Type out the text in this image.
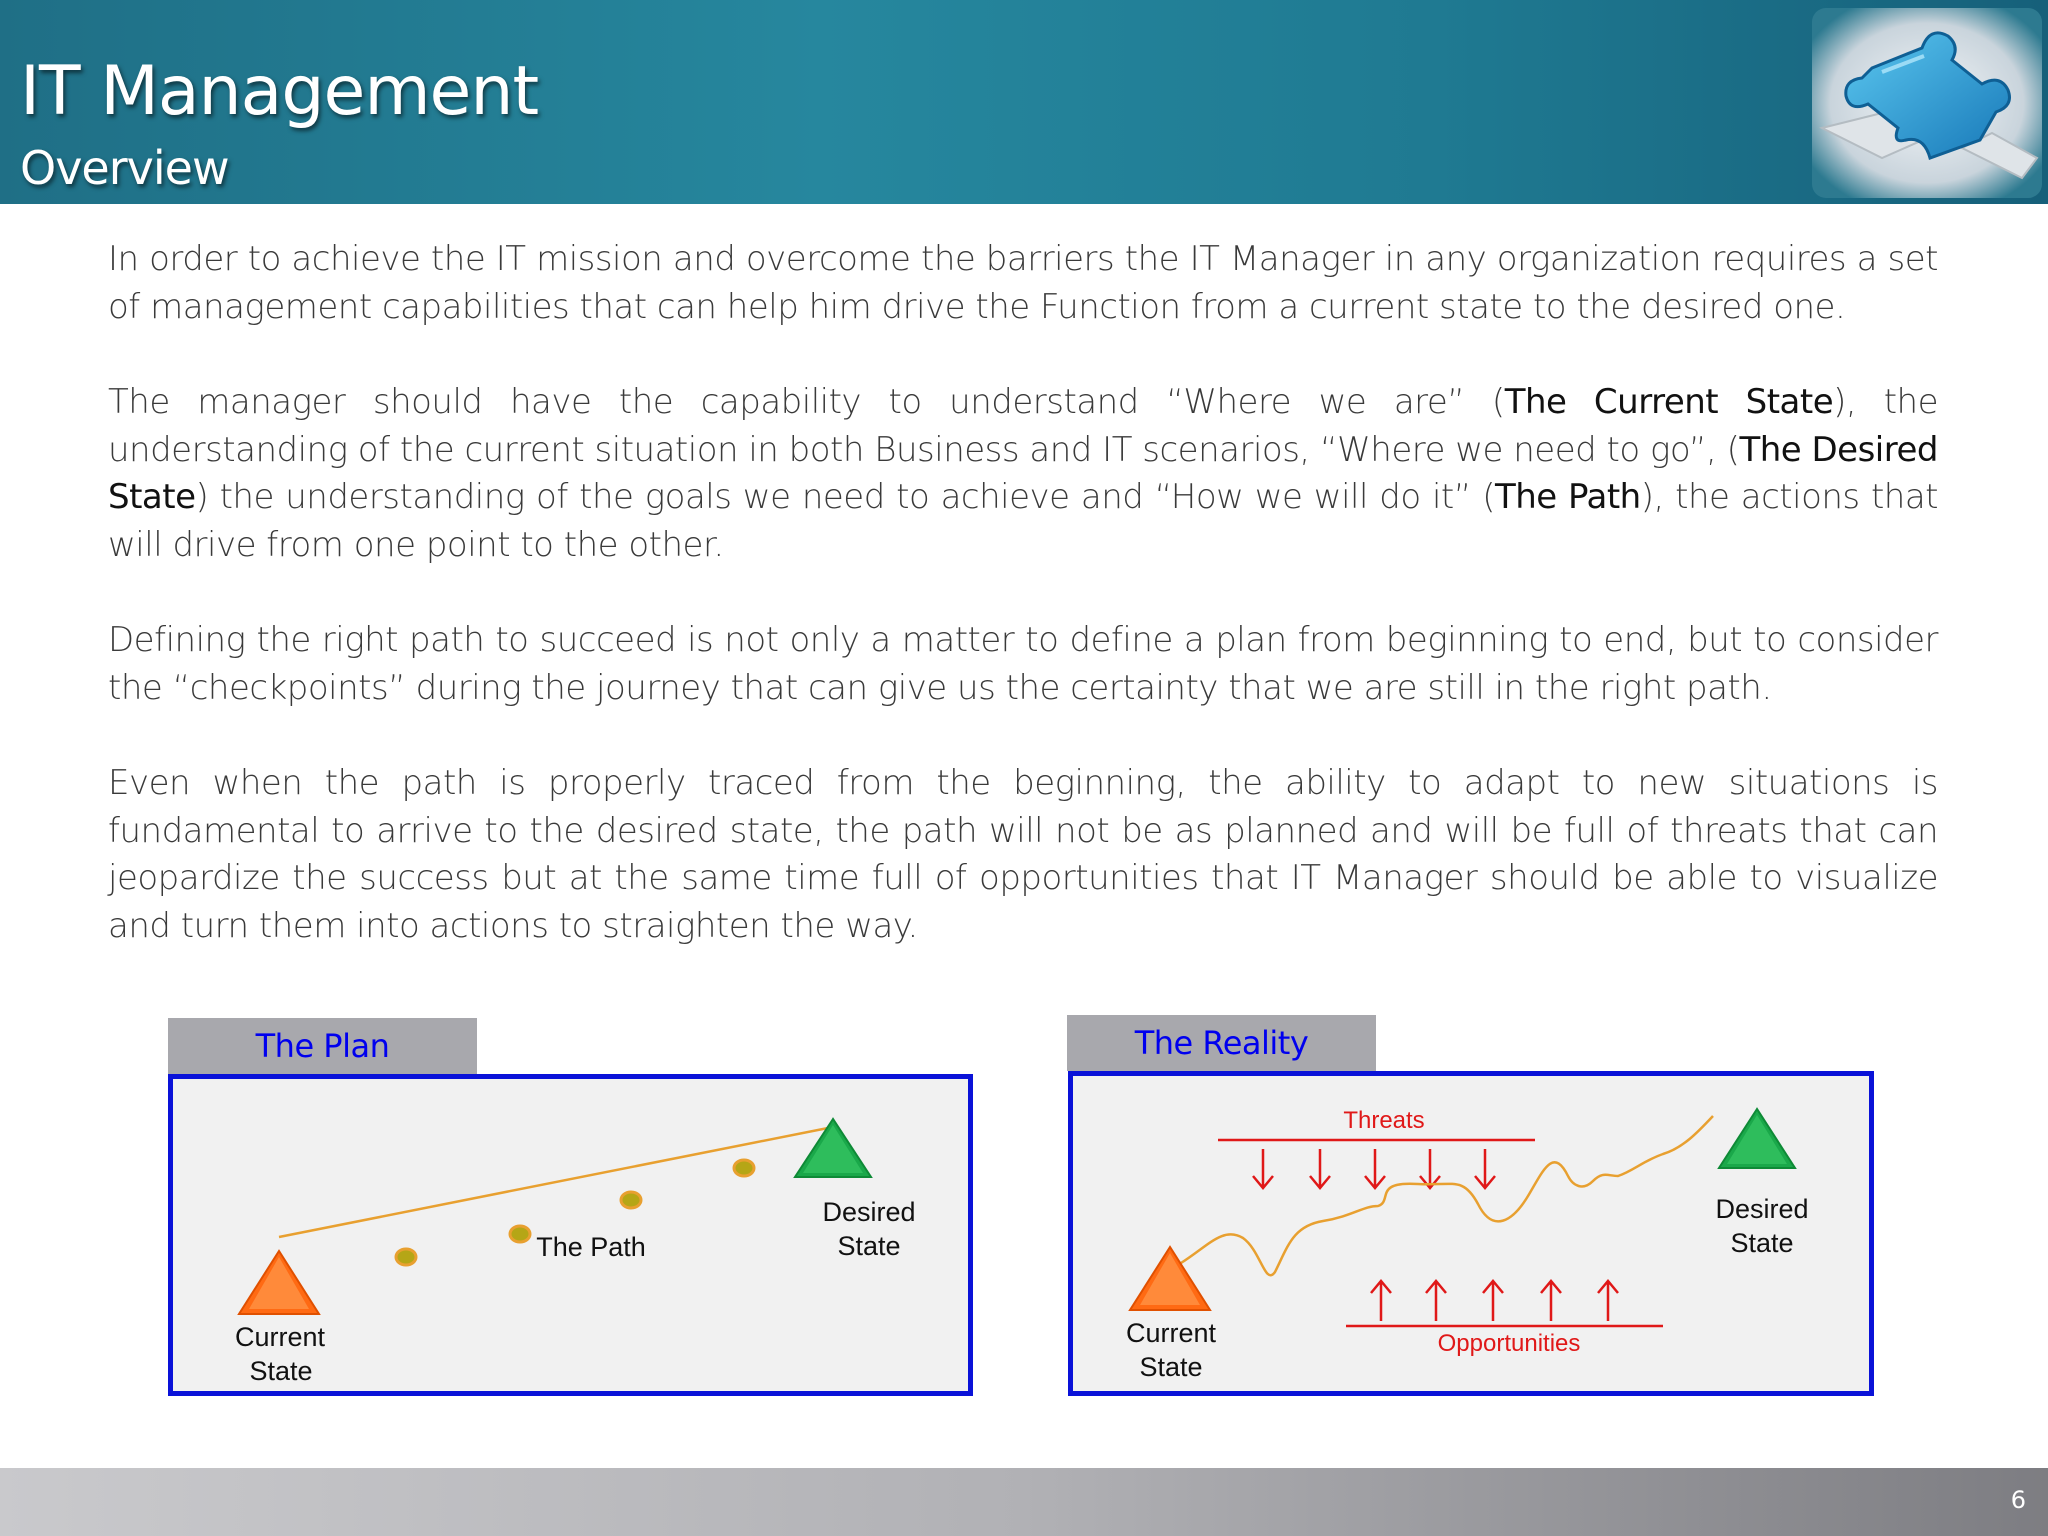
IT Management
Overview

In order to achieve the IT mission and overcome the barriers the IT Manager in any organization requires a set of management capabilities that can help him drive the Function from a current state to the desired one.

The manager should have the capability to understand “Where we are” (The Current State), the understanding of the current situation in both Business and IT scenarios, “Where we need to go”, (The Desired State) the understanding of the goals we need to achieve and “How we will do it” (The Path), the actions that will drive from one point to the other.

Defining the right path to succeed is not only a matter to define a plan from beginning to end, but to consider the “checkpoints” during the journey that can give us the certainty that we are still in the right path.

Even when the path is properly traced from the beginning, the ability to adapt to new situations is fundamental to arrive to the desired state, the path will not be as planned and will be full of threats that can jeopardize the success but at the same time full of opportunities that IT Manager should be able to visualize and turn them into actions to straighten the way.

The Plan
Current
State
The Path
Desired
State
The Reality
Threats
Opportunities
Current
State
Desired
State
6
